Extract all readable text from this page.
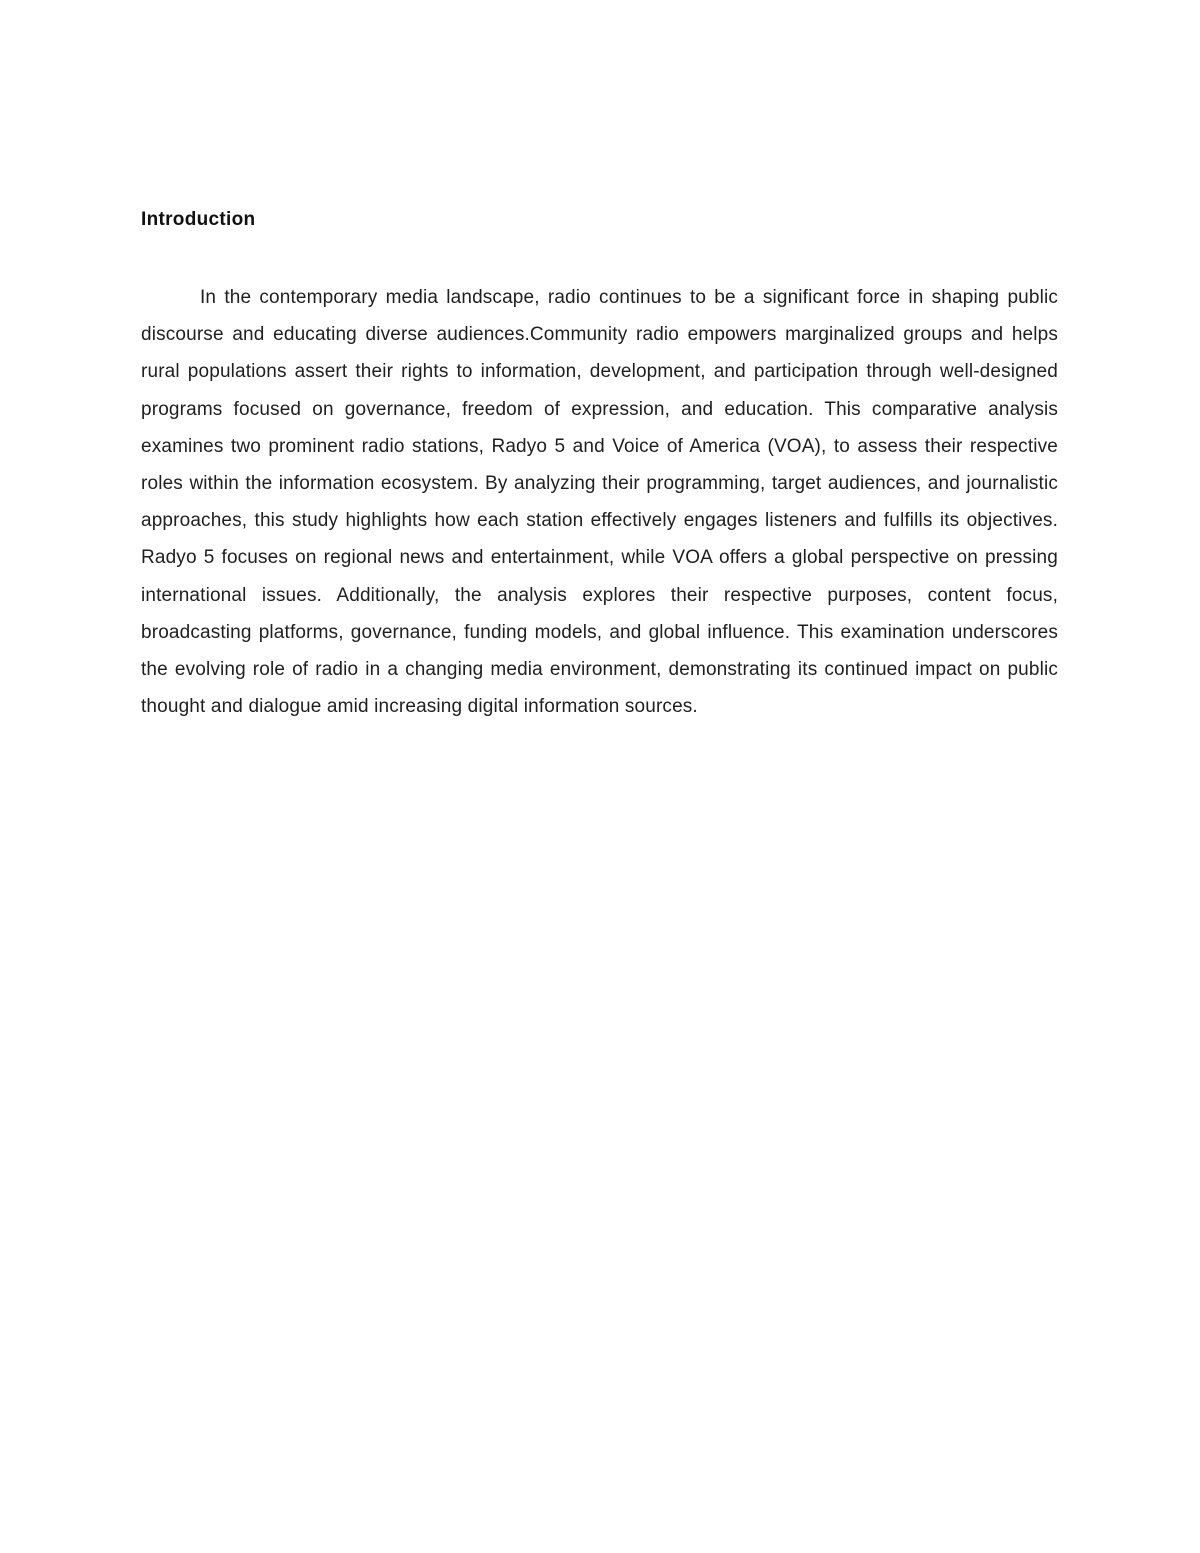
Introduction

In the contemporary media landscape, radio continues to be a significant force in shaping public discourse and educating diverse audiences.Community radio empowers marginalized groups and helps rural populations assert their rights to information, development, and participation through well-designed programs focused on governance, freedom of expression, and education. This comparative analysis examines two prominent radio stations, Radyo 5 and Voice of America (VOA), to assess their respective roles within the information ecosystem. By analyzing their programming, target audiences, and journalistic approaches, this study highlights how each station effectively engages listeners and fulfills its objectives. Radyo 5 focuses on regional news and entertainment, while VOA offers a global perspective on pressing international issues. Additionally, the analysis explores their respective purposes, content focus, broadcasting platforms, governance, funding models, and global influence. This examination underscores the evolving role of radio in a changing media environment, demonstrating its continued impact on public thought and dialogue amid increasing digital information sources.
